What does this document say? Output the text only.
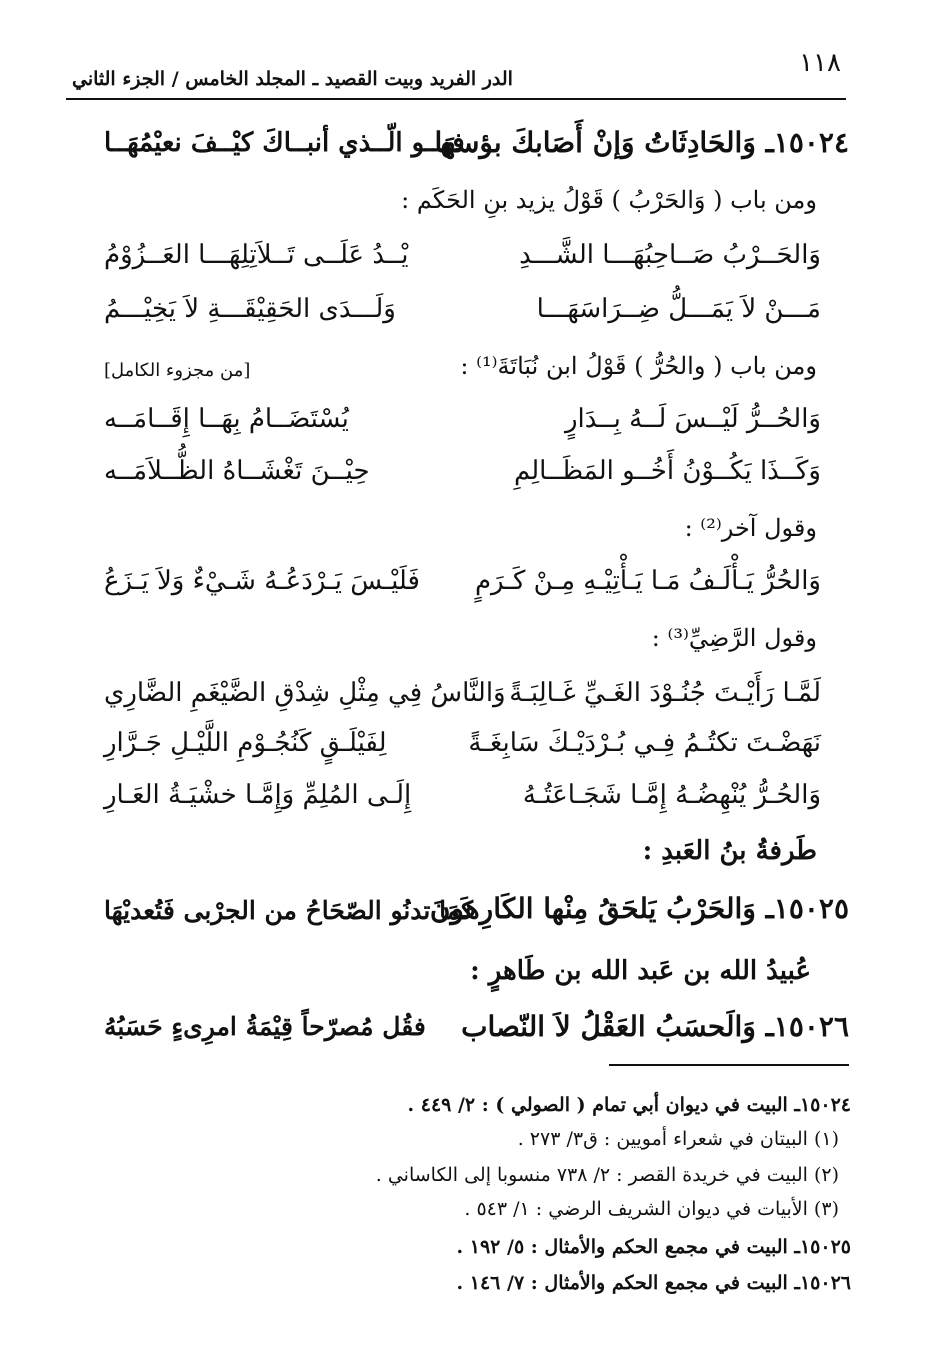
١١٨
الدر الفريد وبيت القصيد ـ المجلد الخامس / الجزء الثاني
١٥٠٢٤ـ وَالحَادِثَاتُ وَإنْ أَصَابكَ بؤسهَا
فهــو الّــذي أنبــاكَ كيْــفَ نعيْمُهَــا
ومن باب ( وَالحَرْبُ ) قَوْلُ يزيد بنِ الحَكَم :
وَالحَــرْبُ صَــاحِبُهَـــا الشَّـــدِ
يْــدُ عَلَــى تَــلاَتِلِهَـــا العَــزُوْمُ
مَـــنْ لاَ يَمَـــلُّ ضِــرَاسَهَـــا
وَلَـــدَى الحَقِيْقَـــةِ لاَ يَخِيْـــمُ
ومن باب ( والحُرُّ ) قَوْلُ ابن نُبَاتَةَ⁽¹⁾ :
[من مجزوء الكامل]
وَالحُــرُّ لَيْــسَ لَــهُ بِــدَارٍ
يُسْتَضَــامُ بِهَــا إِقَــامَــه
وَكَــذَا يَكُــوْنُ أَخُــو المَظَــالِمِ
حِيْــنَ تَغْشَــاهُ الظُّــلاَمَــه
وقول آخر⁽²⁾ :
وَالحُرُّ يَـأْلَـفُ مَـا يَـأْتِيْـهِ مِـنْ كَـرَمٍ
فَلَيْـسَ يَـرْدَعُـهُ شَـيْءٌ وَلاَ يَـزَعُ
وقول الرَّضِيِّ⁽³⁾ :
لَمَّـا رَأَيْـتَ جُنُـوْدَ الغَـيِّ غَـالِبَـةً
وَالنَّاسُ فِي مِثْلِ شِدْقِ الضَّيْغَمِ الضَّارِي
نَهَضْـتَ تكتُـمُ فِـي بُـرْدَيْـكَ سَابِغَـةً
لِفَيْلَـقٍ كَنُجُـوْمِ اللَّيْـلِ جَـرَّارِ
وَالحُـرُّ يُنْهِضُـهُ إِمَّـا شَجَـاعَتُـهُ
إِلَـى المُلِمِّ وَإِمَّـا خشْيَـةُ العَـارِ
طَرفةُ بنُ العَبدِ :
١٥٠٢٥ـ وَالحَرْبُ يَلحَقُ مِنْها الكَارِهونَ
كَمَا تدنُو الصّحَاحُ من الجرْبى فَتُعديْهَا
عُبيدُ الله بن عَبد الله بن طَاهرٍ :
١٥٠٢٦ـ وَالَحسَبُ العَقْلُ لاَ النّصاب
فقُل مُصرّحاً قِيْمَةُ امرِىءٍ حَسَبُهُ
١٥٠٢٤ـ البيت في ديوان أبي تمام ( الصولي ) : ٢/ ٤٤٩ .
(١) البيتان في شعراء أمويين : ق٣/ ٢٧٣ .
(٢) البيت في خريدة القصر : ٢/ ٧٣٨ منسوبا إلى الكاساني .
(٣) الأبيات في ديوان الشريف الرضي : ١/ ٥٤٣ .
١٥٠٢٥ـ البيت في مجمع الحكم والأمثال : ٥/ ١٩٢ .
١٥٠٢٦ـ البيت في مجمع الحكم والأمثال : ٧/ ١٤٦ .
